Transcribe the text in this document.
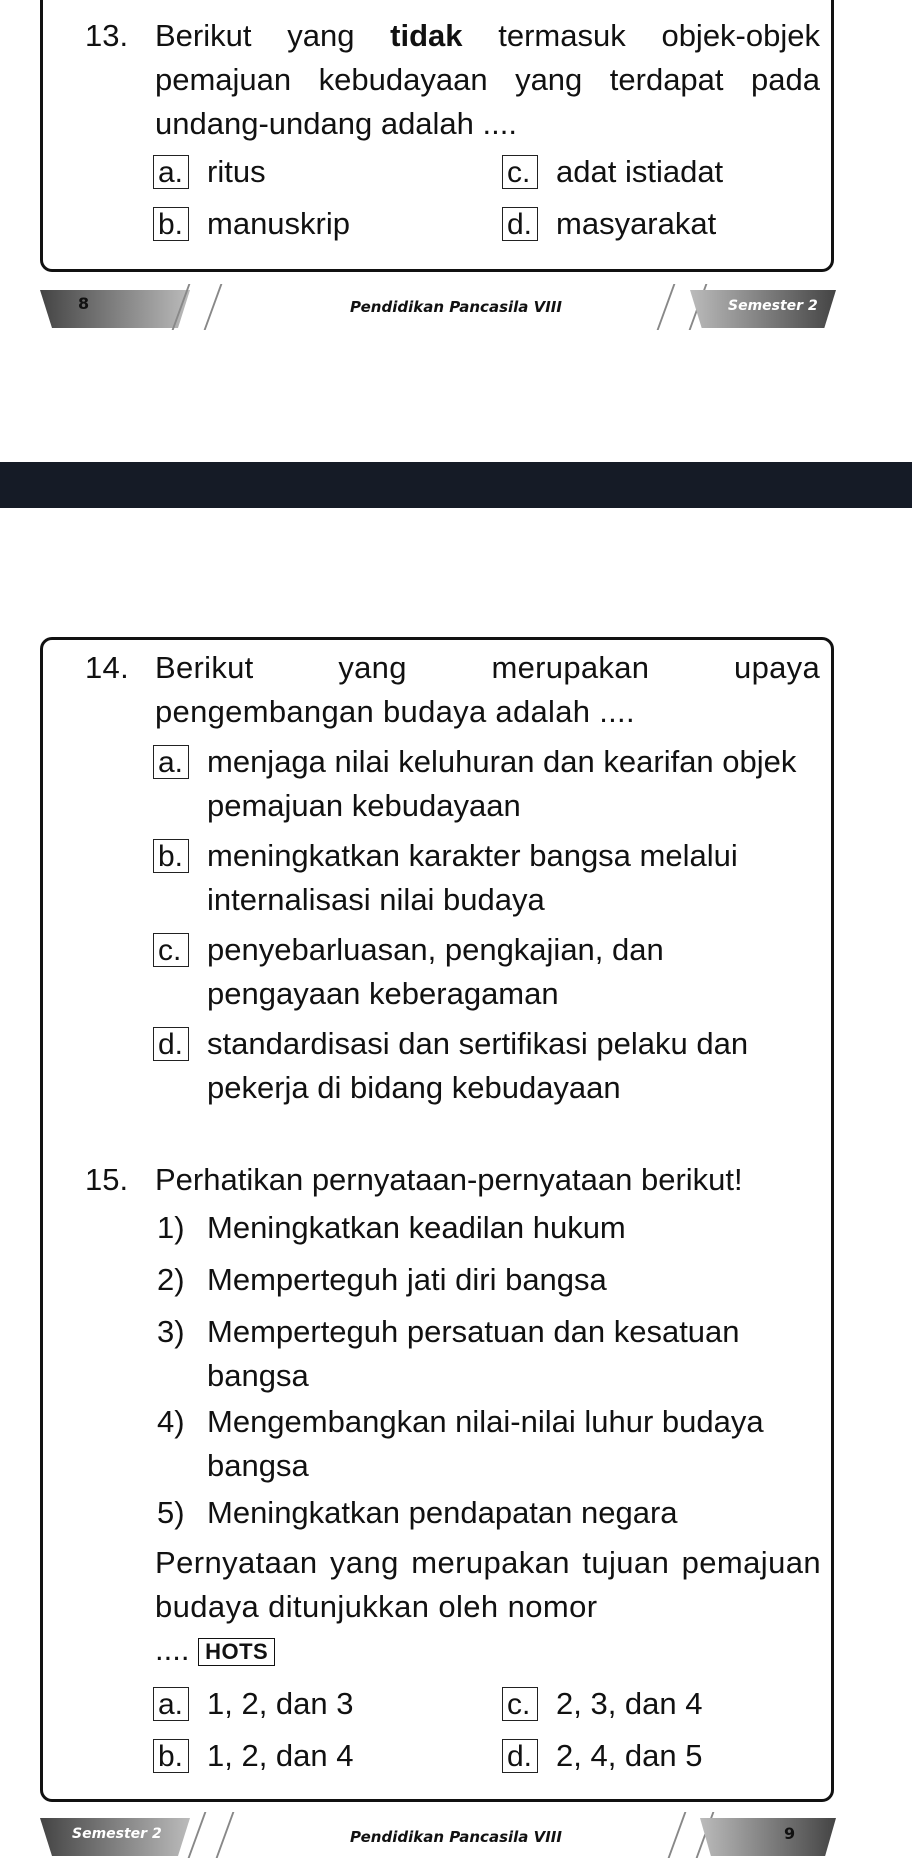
13. Berikut yang tidak termasuk objek-objek pemajuan kebudayaan yang terdapat pada undang-undang adalah ....
a. ritus	c. adat istiadat
b. manuskrip	d. masyarakat
8	Pendidikan Pancasila VIII	Semester 2
14. Berikut yang merupakan upaya pengembangan budaya adalah ....
a. menjaga nilai keluhuran dan kearifan objek pemajuan kebudayaan
b. meningkatkan karakter bangsa melalui internalisasi nilai budaya
c. penyebarluasan, pengkajian, dan pengayaan keberagaman
d. standardisasi dan sertifikasi pelaku dan pekerja di bidang kebudayaan
15. Perhatikan pernyataan-pernyataan berikut!
1) Meningkatkan keadilan hukum
2) Memperteguh jati diri bangsa
3) Memperteguh persatuan dan kesatuan bangsa
4) Mengembangkan nilai-nilai luhur budaya bangsa
5) Meningkatkan pendapatan negara
Pernyataan yang merupakan tujuan pemajuan budaya ditunjukkan oleh nomor
.... HOTS
a. 1, 2, dan 3	c. 2, 3, dan 4
b. 1, 2, dan 4	d. 2, 4, dan 5
Semester 2	Pendidikan Pancasila VIII	9
